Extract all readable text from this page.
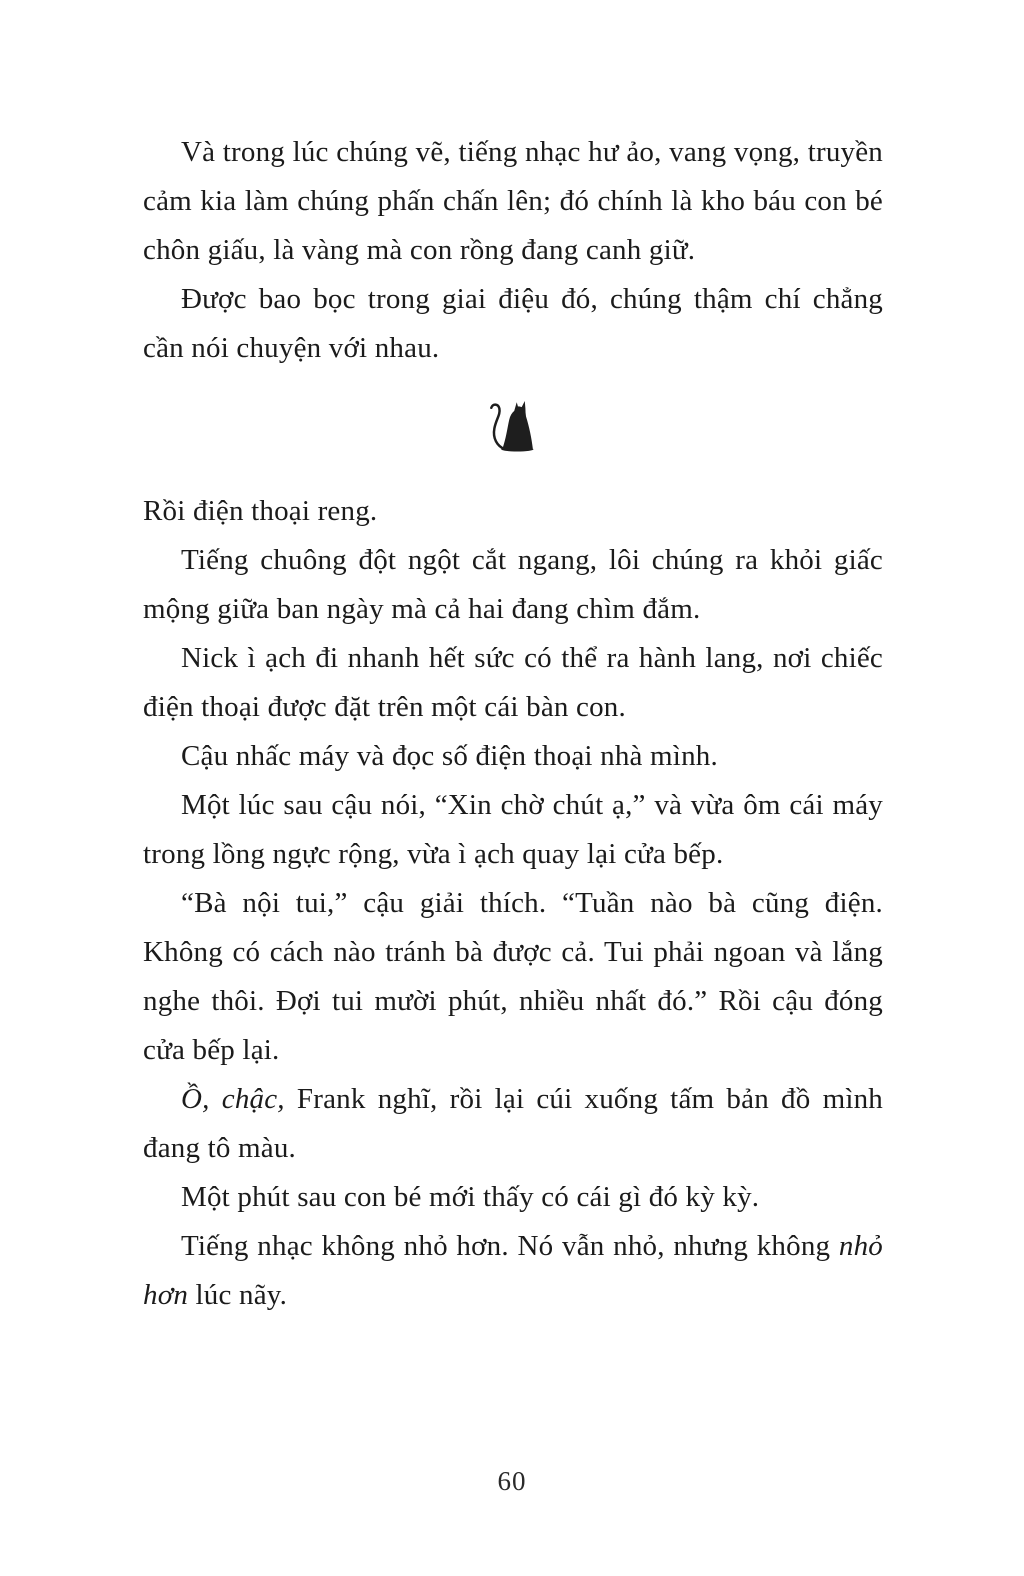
Và trong lúc chúng vẽ, tiếng nhạc hư ảo, vang vọng, truyền cảm kia làm chúng phấn chấn lên; đó chính là kho báu con bé chôn giấu, là vàng mà con rồng đang canh giữ.

Được bao bọc trong giai điệu đó, chúng thậm chí chẳng cần nói chuyện với nhau.

Rồi điện thoại reng.

Tiếng chuông đột ngột cắt ngang, lôi chúng ra khỏi giấc mộng giữa ban ngày mà cả hai đang chìm đắm.

Nick ì ạch đi nhanh hết sức có thể ra hành lang, nơi chiếc điện thoại được đặt trên một cái bàn con.

Cậu nhấc máy và đọc số điện thoại nhà mình.

Một lúc sau cậu nói, “Xin chờ chút ạ,” và vừa ôm cái máy trong lồng ngực rộng, vừa ì ạch quay lại cửa bếp.

“Bà nội tui,” cậu giải thích. “Tuần nào bà cũng điện. Không có cách nào tránh bà được cả. Tui phải ngoan và lắng nghe thôi. Đợi tui mười phút, nhiều nhất đó.” Rồi cậu đóng cửa bếp lại.

Ồ, chậc, Frank nghĩ, rồi lại cúi xuống tấm bản đồ mình đang tô màu.

Một phút sau con bé mới thấy có cái gì đó kỳ kỳ.

Tiếng nhạc không nhỏ hơn. Nó vẫn nhỏ, nhưng không nhỏ hơn lúc nãy.

60
